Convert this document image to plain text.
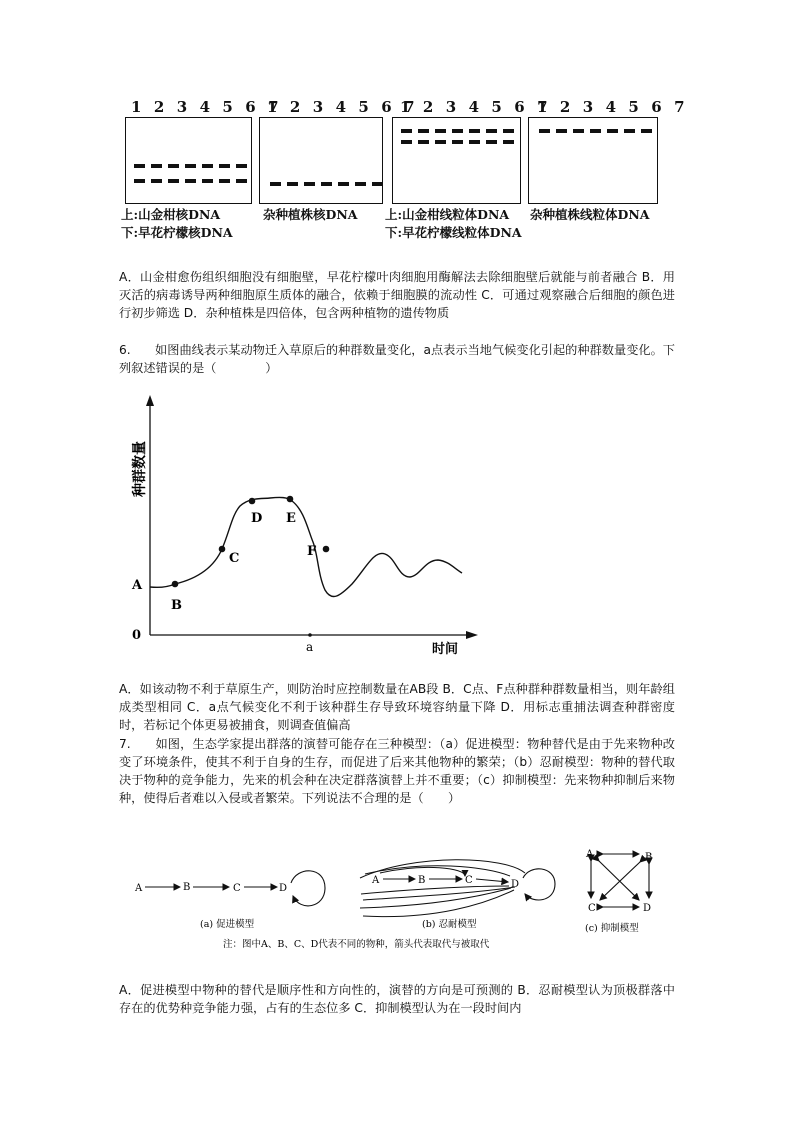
1 2 3 4 5 6 7
1 2 3 4 5 6 7
1 2 3 4 5 6 7
1 2 3 4 5 6 7
上:山金柑核DNA
下:早花柠檬核DNA
杂种植株核DNA 上:山金柑线粒体DNA
下:早花柠檬线粒体DNA
杂种植株线粒体DNA

A．山金柑愈伤组织细胞没有细胞壁，早花柠檬叶肉细胞用酶解法去除细胞壁后就能与前者融合 B．用灭活的病毒诱导两种细胞原生质体的融合，依赖于细胞膜的流动性 C．可通过观察融合后细胞的颜色进行初步筛选 D．杂种植株是四倍体，包含两种植物的遗传物质

6.　　如图曲线表示某动物迁入草原后的种群数量变化，a点表示当地气候变化引起的种群数量变化。下列叙述错误的是（　　　　）

A
B
C
D E
F
0
a	时间
种群数量

A．如该动物不利于草原生产，则防治时应控制数量在AB段 B．C点、F点种群种群数量相当，则年龄组成类型相同 C．a点气候变化不利于该种群生存导致环境容纳量下降 D．用标志重捕法调查种群密度时，若标记个体更易被捕食，则调查值偏高

7.　　如图，生态学家提出群落的演替可能存在三种模型：（a）促进模型：物种替代是由于先来物种改变了环境条件，使其不利于自身的生存，而促进了后来其他物种的繁荣；（b）忍耐模型：物种的替代取决于物种的竞争能力，先来的机会种在决定群落演替上并不重要；（c）抑制模型：先来物种抑制后来物种，使得后者难以入侵或者繁荣。下列说法不合理的是（　　）

A	B	C	D
(a) 促进模型
A	B	C	D
(b) 忍耐模型
A	B
C	D
(c) 抑制模型
注：图中A、B、C、D代表不同的物种，箭头代表取代与被取代

A．促进模型中物种的替代是顺序性和方向性的，演替的方向是可预测的 B．忍耐模型认为顶极群落中存在的优势种竞争能力强，占有的生态位多 C．抑制模型认为在一段时间内
